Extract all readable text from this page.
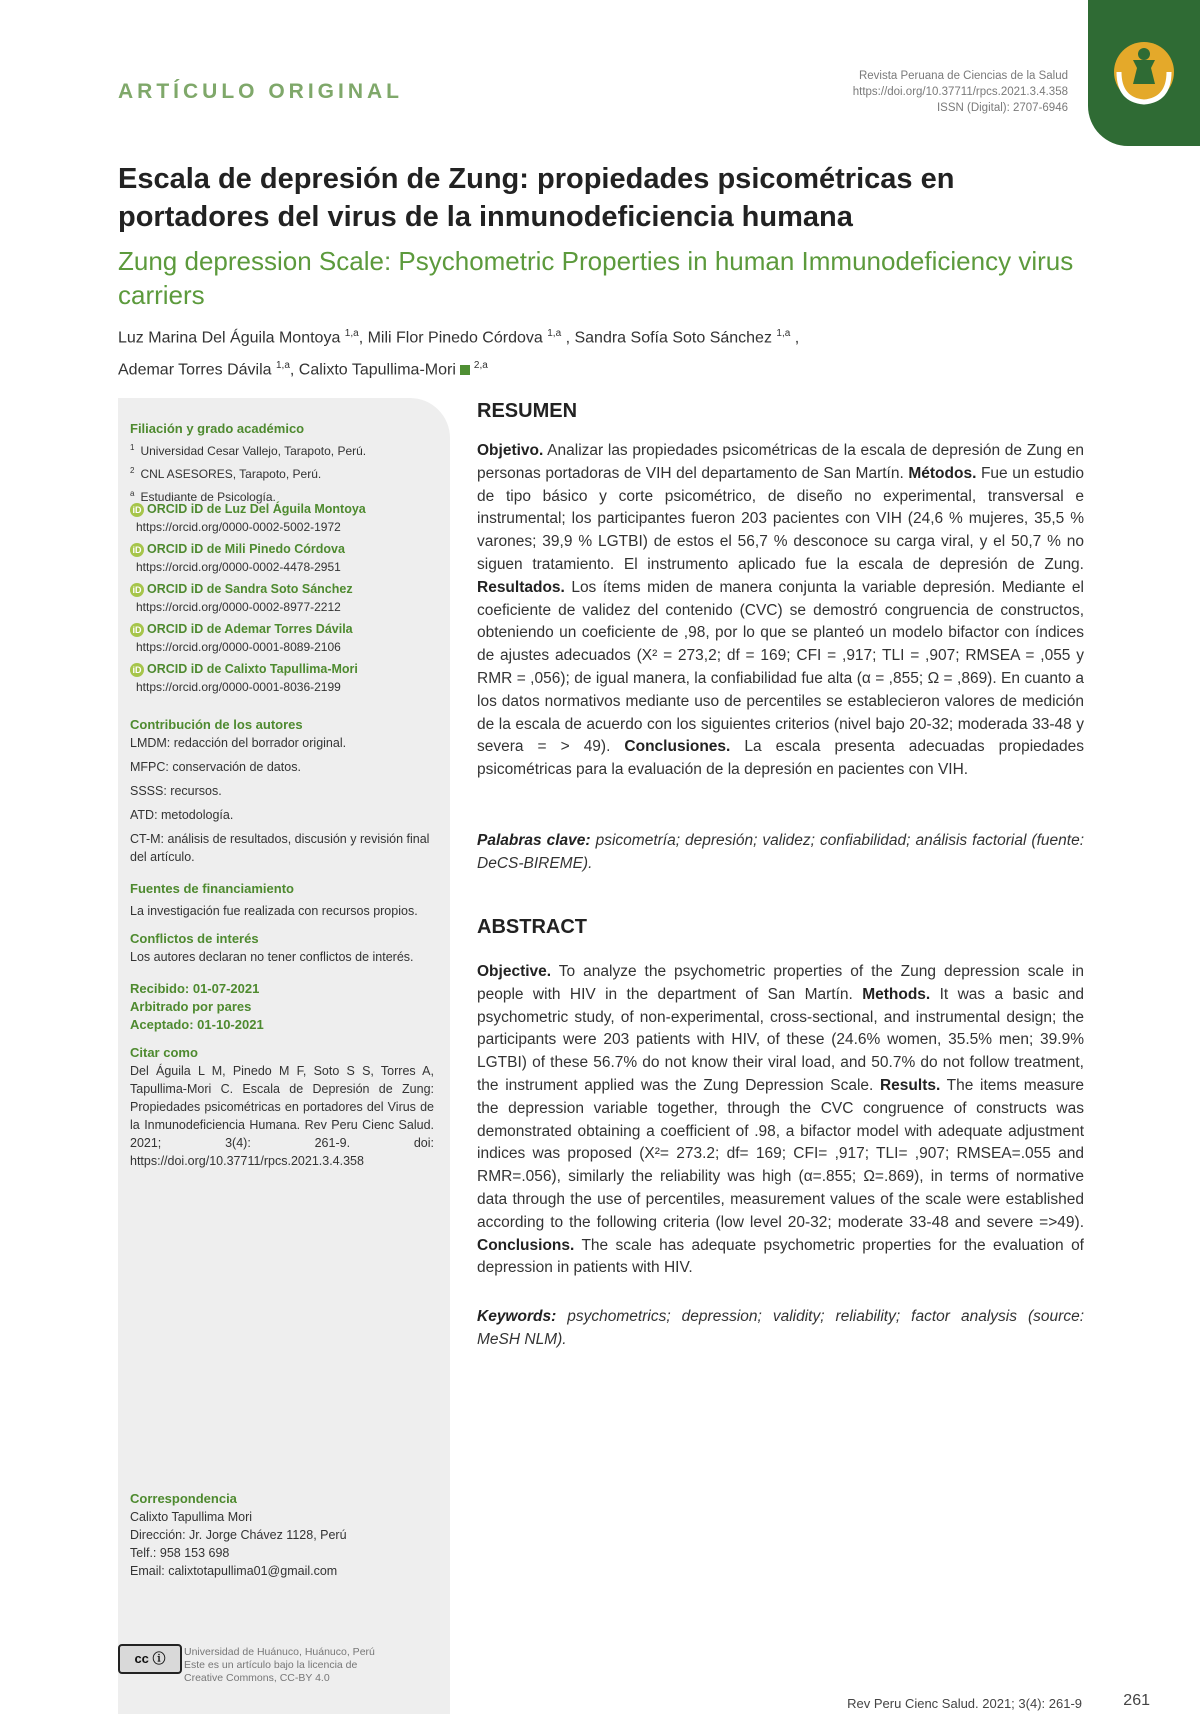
ARTÍCULO ORIGINAL
Revista Peruana de Ciencias de la Salud
https://doi.org/10.37711/rpcs.2021.3.4.358
ISSN (Digital): 2707-6946
Escala de depresión de Zung: propiedades psicométricas en portadores del virus de la inmunodeficiencia humana
Zung depression Scale: Psychometric Properties in human Immunodeficiency virus carriers
Luz Marina Del Águila Montoya $^{1,a}$, Mili Flor Pinedo Córdova $^{1,a}$ , Sandra Sofía Soto Sánchez $^{1,a}$ ,
Ademar Torres Dávila $^{1,a}$, Calixto Tapullima-Mori $^{2,a}$
Filiación y grado académico
$^1$ Universidad Cesar Vallejo, Tarapoto, Perú.
$^2$ CNL ASESORES, Tarapoto, Perú.
$^a$ Estudiante de Psicología.
iD ORCID iD de Luz Del Águila Montoya
https://orcid.org/0000-0002-5002-1972
iD ORCID iD de Mili Pinedo Córdova
https://orcid.org/0000-0002-4478-2951
iD ORCID iD de Sandra Soto Sánchez
https://orcid.org/0000-0002-8977-2212
iD ORCID iD de Ademar Torres Dávila
https://orcid.org/0000-0001-8089-2106
iD ORCID iD de Calixto Tapullima-Mori
https://orcid.org/0000-0001-8036-2199
Contribución de los autores
LMDM: redacción del borrador original.
MFPC: conservación de datos.
SSSS: recursos.
ATD: metodología.
CT-M: análisis de resultados, discusión y revisión final del artículo.
Fuentes de financiamiento
La investigación fue realizada con recursos propios.
Conflictos de interés
Los autores declaran no tener conflictos de interés.
Recibido: 01-07-2021
Arbitrado por pares
Aceptado: 01-10-2021
Citar como
Del Águila L M, Pinedo M F, Soto S S, Torres A, Tapullima-Mori C. Escala de Depresión de Zung: Propiedades psicométricas en portadores del Virus de la Inmunodeficiencia Humana. Rev Peru Cienc Salud. 2021; 3(4): 261-9. doi: https://doi.org/10.37711/rpcs.2021.3.4.358
Correspondencia
Calixto Tapullima Mori
Dirección: Jr. Jorge Chávez 1128, Perú
Telf.: 958 153 698
Email: calixtotapullima01@gmail.com
RESUMEN
Objetivo. Analizar las propiedades psicométricas de la escala de depresión de Zung en personas portadoras de VIH del departamento de San Martín. Métodos. Fue un estudio de tipo básico y corte psicométrico, de diseño no experimental, transversal e instrumental; los participantes fueron 203 pacientes con VIH (24,6 % mujeres, 35,5 % varones; 39,9 % LGTBI) de estos el 56,7 % desconoce su carga viral, y el 50,7 % no siguen tratamiento. El instrumento aplicado fue la escala de depresión de Zung. Resultados. Los ítems miden de manera conjunta la variable depresión. Mediante el coeficiente de validez del contenido (CVC) se demostró congruencia de constructos, obteniendo un coeficiente de ,98, por lo que se planteó un modelo bifactor con índices de ajustes adecuados (X² = 273,2; df = 169; CFI = ,917; TLI = ,907; RMSEA = ,055 y RMR = ,056); de igual manera, la confiabilidad fue alta (α = ,855; Ω = ,869). En cuanto a los datos normativos mediante uso de percentiles se establecieron valores de medición de la escala de acuerdo con los siguientes criterios (nivel bajo 20-32; moderada 33-48 y severa = > 49). Conclusiones. La escala presenta adecuadas propiedades psicométricas para la evaluación de la depresión en pacientes con VIH.
Palabras clave: psicometría; depresión; validez; confiabilidad; análisis factorial (fuente: DeCS-BIREME).
ABSTRACT
Objective. To analyze the psychometric properties of the Zung depression scale in people with HIV in the department of San Martín. Methods. It was a basic and psychometric study, of non-experimental, cross-sectional, and instrumental design; the participants were 203 patients with HIV, of these (24.6% women, 35.5% men; 39.9% LGTBI) of these 56.7% do not know their viral load, and 50.7% do not follow treatment, the instrument applied was the Zung Depression Scale. Results. The items measure the depression variable together, through the CVC congruence of constructs was demonstrated obtaining a coefficient of .98, a bifactor model with adequate adjustment indices was proposed (X²= 273.2; df= 169; CFI= ,917; TLI= ,907; RMSEA=.055 and RMR=.056), similarly the reliability was high (α=.855; Ω=.869), in terms of normative data through the use of percentiles, measurement values of the scale were established according to the following criteria (low level 20-32; moderate 33-48 and severe =>49). Conclusions. The scale has adequate psychometric properties for the evaluation of depression in patients with HIV.
Keywords: psychometrics; depression; validity; reliability; factor analysis (source: MeSH NLM).
cc ⓘ	Universidad de Huánuco, Huánuco, Perú
Este es un artículo bajo la licencia de
Creative Commons, CC-BY 4.0
Rev Peru Cienc Salud. 2021; 3(4): 261-9	261
